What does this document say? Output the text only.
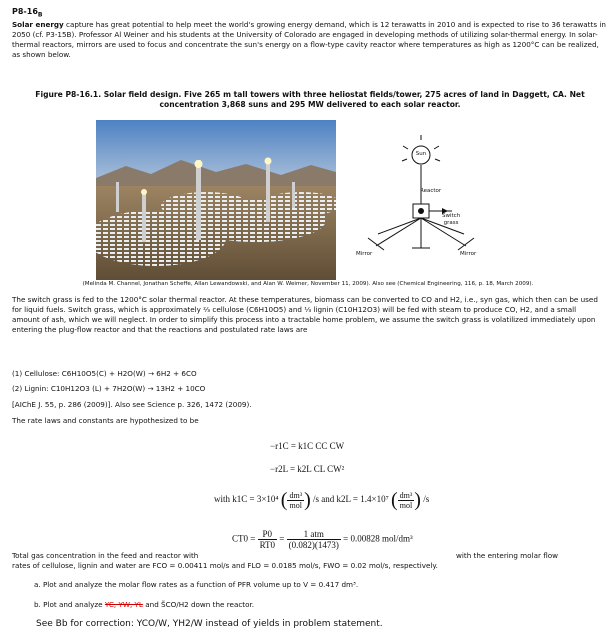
$P8-16_B$
Solar energy capture has great potential to help meet the world's growing energy demand, which is 12 terawatts in 2010 and is expected to rise to 36 terawatts in 2050 (cf. P3-15B). Professor Al Weiner and his students at the University of Colorado are engaged in developing methods of utilizing solar-thermal energy. In solar-thermal reactors, mirrors are used to focus and concentrate the sun's energy on a flow-type cavity reactor where temperatures as high as 1200°C can be realized, as shown below.
Figure P8-16.1. Solar field design. Five 265 m tall towers with three heliostat fields/tower, 275 acres of land in Daggett, CA. Net concentration 3,868 suns and 295 MW delivered to each solar reactor.
Sun
Reactor
Switch
grass
Mirror	Mirror
(Melinda M. Channel, Jonathan Scheffe, Allan Lewandowski, and Alan W. Weimer, November 11, 2009). Also see (Chemical Engineering, 116, p. 18, March 2009).
The switch grass is fed to the 1200°C solar thermal reactor. At these temperatures, biomass can be converted to CO and H2, i.e., syn gas, which then can be used for liquid fuels. Switch grass, which is approximately ⅔ cellulose (C6H10O5) and ⅓ lignin (C10H12O3) will be fed with steam to produce CO, H2, and a small amount of ash, which we will neglect. In order to simplify this process into a tractable home problem, we assume the switch grass is volatilized immediately upon entering the plug-flow reactor and that the reactions and postulated rate laws are
(1) Cellulose: C6H10O5(C) + H2O(W) → 6H2 + 6CO
(2) Lignin: C10H12O3 (L) + 7H2O(W) → 13H2 + 10CO
[AIChE J. 55, p. 286 (2009)]. Also see Science p. 326, 1472 (2009).
The rate laws and constants are hypothesized to be
−r1C = k1C CC CW
−r2L = k2L CL CW²
with k1C = 3×10⁴ ( $\frac{\text{dm³}}{\text{mol}}$ ) /s and k2L = 1.4×10⁷ ( $\frac{\text{dm³}}{\text{mol}}$ ) /s
$CT0 = \frac{P0}{RT0} = \frac{\text{1 atm}}{(0.082)(1473)} = 0.00828$ mol/dm³
Total gas concentration in the feed and reactor with	with the entering molar flow
rates of cellulose, lignin and water are FCO = 0.00411 mol/s and FLO = 0.0185 mol/s, FWO = 0.02 mol/s, respectively.
a. Plot and analyze the molar flow rates as a function of PFR volume up to V = 0.417 dm³.
b. Plot and analyze YC, YW, YL and S̃CO/H2 down the reactor.
See Bb for correction: YCO/W, YH2/W instead of yields in problem statement.
